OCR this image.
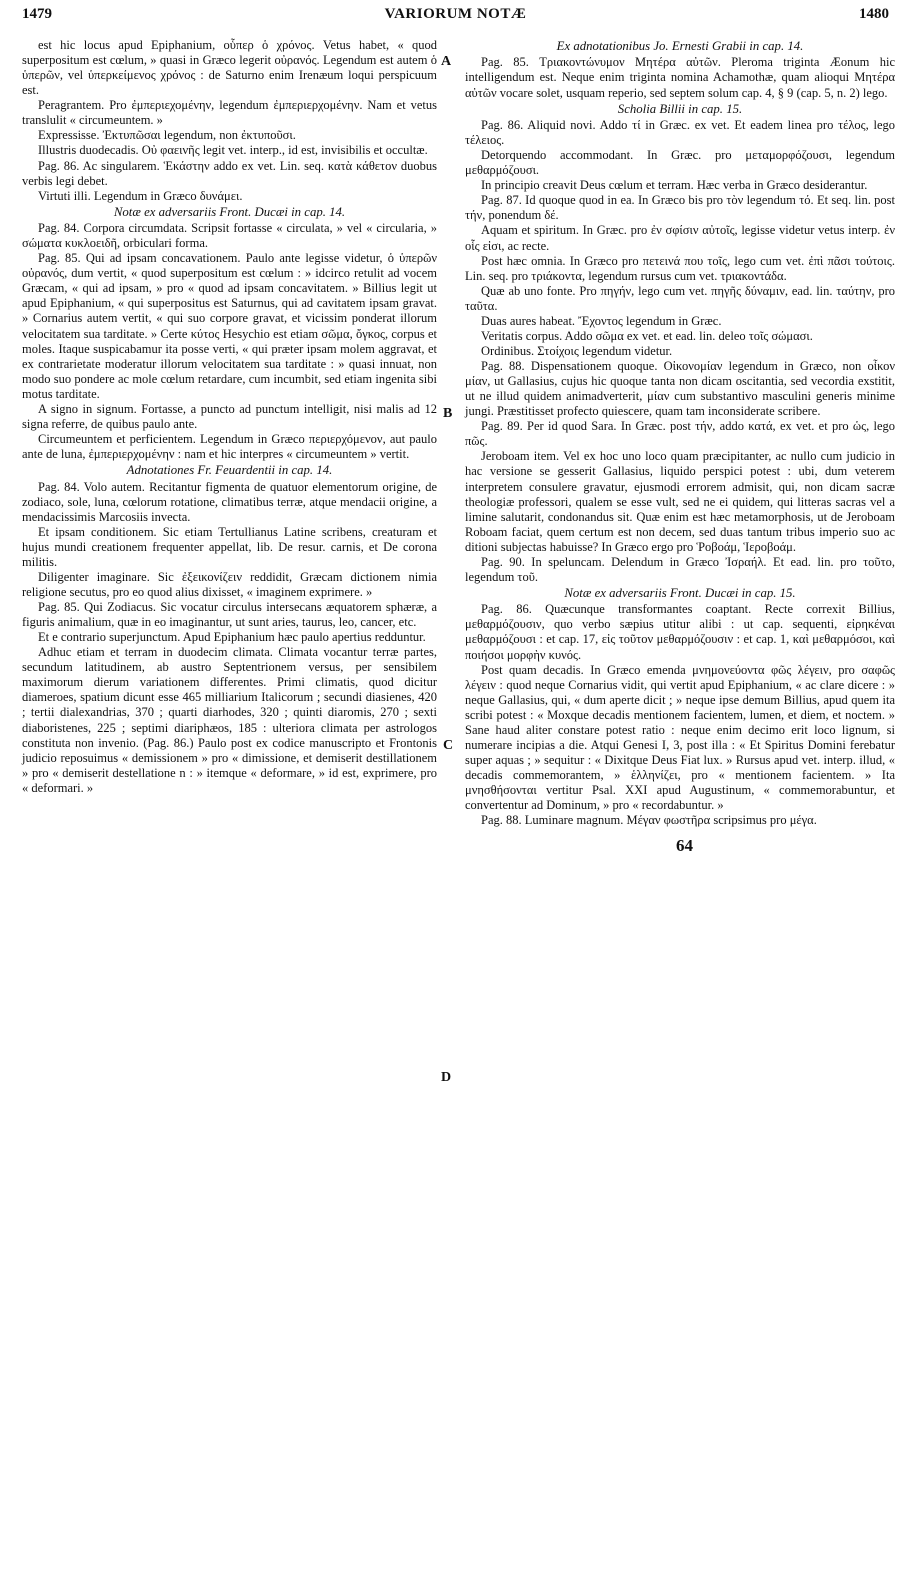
1479	VARIORUM NOTÆ	1480

est hic locus apud Epiphanium, οὗπερ ὁ χρόνος. Vetus habet, « quod superpositum est cœlum, » quasi in Græco legerit οὐρανός. Legendum est autem ὁ ὑπερῶν, vel ὑπερκείμενος χρόνος : de Saturno enim Irenæum loqui perspicuum est.

Peragrantem. Pro ἐμπεριεχομένην, legendum ἐμπεριερχομένην. Nam et vetus translulit « circumeuntem. »

Expressisse. Ἐκτυπῶσαι legendum, non ἐκτυποῦσι.

Illustris duodecadis. Οὐ φαεινῆς legit vet. interp., id est, invisibilis et occultæ.

Pag. 86. Ac singularem. Ἑκάστην addo ex vet. Lin. seq. κατὰ κάθετον duobus verbis legi debet.

Virtuti illi. Legendum in Græco δυνάμει.

Notæ ex adversariis Front. Ducæi in cap. 14.

Pag. 84. Corpora circumdata. Scripsit fortasse « circulata, » vel « circularia, » σώματα κυκλοειδῆ, orbiculari forma.

Pag. 85. Qui ad ipsam concavationem. Paulo ante legisse videtur, ὁ ὑπερῶν οὐρανός, dum vertit, « quod superpositum est cœlum : » idcirco retulit ad vocem Græcam, « qui ad ipsam, » pro « quod ad ipsam concavitatem. » Billius legit ut apud Epiphanium, « qui superpositus est Saturnus, qui ad cavitatem ipsam gravat. » Cornarius autem vertit, « qui suo corpore gravat, et vicissim ponderat illorum velocitatem sua tarditate. » Certe κύτος Hesychio est etiam σῶμα, ὄγκος, corpus et moles. Itaque suspicabamur ita posse verti, « qui præter ipsam molem aggravat, et ex contrarietate moderatur illorum velocitatem sua tarditate : » quasi innuat, non modo suo pondere ac mole cœlum retardare, cum incumbit, sed etiam ingenita sibi motus tarditate.

A signo in signum. Fortasse, a puncto ad punctum intelligit, nisi malis ad 12 signa referre, de quibus paulo ante.

Circumeuntem et perficientem. Legendum in Græco περιερχόμενον, aut paulo ante de luna, ἐμπεριερχομένην : nam et hic interpres « circumeuntem » vertit.

Adnotationes Fr. Feuardentii in cap. 14.

Pag. 84. Volo autem. Recitantur figmenta de quatuor elementorum origine, de zodiaco, sole, luna, cœlorum rotatione, climatibus terræ, atque mendacii origine, a mendacissimis Marcosiis invecta.

Et ipsam conditionem. Sic etiam Tertullianus Latine scribens, creaturam et hujus mundi creationem frequenter appellat, lib. De resur. carnis, et De corona militis.

Diligenter imaginare. Sic ἐξεικονίζειν reddidit, Græcam dictionem nimia religione secutus, pro eo quod alius dixisset, « imaginem exprimere. »

Pag. 85. Qui Zodiacus. Sic vocatur circulus intersecans æquatorem sphæræ, a figuris animalium, quæ in eo imaginantur, ut sunt aries, taurus, leo, cancer, etc.

Et e contrario superjunctum. Apud Epiphanium hæc paulo apertius redduntur.

Adhuc etiam et terram in duodecim climata. Climata vocantur terræ partes, secundum latitudinem, ab austro Septentrionem versus, per sensibilem maximorum dierum variationem differentes. Primi climatis, quod dicitur diameroes, spatium dicunt esse 465 milliarium Italicorum ; secundi diasienes, 420 ; tertii dialexandrias, 370 ; quarti diarhodes, 320 ; quinti diaromis, 270 ; sexti diaboristenes, 225 ; septimi diariphæos, 185 : ulteriora climata per astrologos constituta non invenio. (Pag. 86.) Paulo post ex codice manuscripto et Frontonis judicio reposuimus « demissionem » pro « dimissione, et demiserit destillationem » pro « demiserit destellatione n : » itemque « deformare, » id est, exprimere, pro « deformari. »

Ex adnotationibus Jo. Ernesti Grabii in cap. 14.

Pag. 85. Τριακοντώνυμον Μητέρα αὐτῶν. Pleroma triginta Æonum hic intelligendum est. Neque enim triginta nomina Achamothæ, quam alioqui Μητέρα αὐτῶν vocare solet, usquam reperio, sed septem solum cap. 4, § 9 (cap. 5, n. 2) lego.

Scholia Billii in cap. 15.

Pag. 86. Aliquid novi. Addo τί in Græc. ex vet. Et eadem linea pro τέλος, lego τέλειος.

Detorquendo accommodant. In Græc. pro μεταμορφόζουσι, legendum μεθαρμόζουσι.

In principio creavit Deus cœlum et terram. Hæc verba in Græco desiderantur.

Pag. 87. Id quoque quod in ea. In Græco bis pro τὸν legendum τό. Et seq. lin. post τήν, ponendum δέ.

Aquam et spiritum. In Græc. pro ἐν σφίσιν αὐτοῖς, legisse videtur vetus interp. ἐν οἷς εἰσι, ac recte.

Post hæc omnia. In Græco pro πετεινά που τοῖς, lego cum vet. ἐπὶ πᾶσι τούτοις. Lin. seq. pro τριάκοντα, legendum rursus cum vet. τριακοντάδα.

Quæ ab uno fonte. Pro πηγήν, lego cum vet. πηγῆς δύναμιν, ead. lin. ταύτην, pro ταῦτα.

Duas aures habeat. Ἔχοντος legendum in Græc.

Veritatis corpus. Addo σῶμα ex vet. et ead. lin. deleo τοῖς σώμασι.

Ordinibus. Στοίχοις legendum videtur.

Pag. 88. Dispensationem quoque. Οἰκονομίαν legendum in Græco, non οἶκον μίαν, ut Gallasius, cujus hic quoque tanta non dicam oscitantia, sed vecordia exstitit, ut ne illud quidem animadverterit, μίαν cum substantivo masculini generis minime jungi. Præstitisset profecto quiescere, quam tam inconsiderate scribere.

Pag. 89. Per id quod Sara. In Græc. post τήν, addo κατά, ex vet. et pro ὡς, lego πῶς.

Jeroboam item. Vel ex hoc uno loco quam præcipitanter, ac nullo cum judicio in hac versione se gesserit Gallasius, liquido perspici potest : ubi, dum veterem interpretem consulere gravatur, ejusmodi errorem admisit, qui, non dicam sacræ theologiæ professori, qualem se esse vult, sed ne ei quidem, qui litteras sacras vel a limine salutarit, condonandus sit. Quæ enim est hæc metamorphosis, ut de Jeroboam Roboam faciat, quem certum est non decem, sed duas tantum tribus imperio suo ac ditioni subjectas habuisse? In Græco ergo pro Ῥοβοάμ, Ἱεροβοάμ.

Pag. 90. In speluncam. Delendum in Græco Ἰσραήλ. Et ead. lin. pro τοῦτο, legendum τοῦ.

Notæ ex adversariis Front. Ducæi in cap. 15.

Pag. 86. Quæcunque transformantes coaptant. Recte correxit Billius, μεθαρμόζουσιν, quo verbo sæpius utitur alibi : ut cap. sequenti, εἰρηκέναι μεθαρμόζουσι : et cap. 17, εἰς τοῦτον μεθαρμόζουσιν : et cap. 1, καὶ μεθαρμόσοι, καὶ ποιήσοι μορφὴν κυνός.

Post quam decadis. In Græco emenda μνημονεύοντα φῶς λέγειν, pro σαφῶς λέγειν : quod neque Cornarius vidit, qui vertit apud Epiphanium, « ac clare dicere : » neque Gallasius, qui, « dum aperte dicit ; » neque ipse demum Billius, apud quem ita scribi potest : « Moxque decadis mentionem facientem, lumen, et diem, et noctem. » Sane haud aliter constare potest ratio : neque enim decimo erit loco lignum, si numerare incipias a die. Atqui Genesi I, 3, post illa : « Et Spiritus Domini ferebatur super aquas ; » sequitur : « Dixitque Deus Fiat lux. » Rursus apud vet. interp. illud, « decadis commemorantem, » ἑλληνίζει, pro « mentionem facientem. » Ita μνησθήσονται vertitur Psal. XXI apud Augustinum, « commemorabuntur, et convertentur ad Dominum, » pro « recordabuntur. »

Pag. 88. Luminare magnum. Μέγαν φωστῆρα scripsimus pro μέγα.

A
B
C
D
64
